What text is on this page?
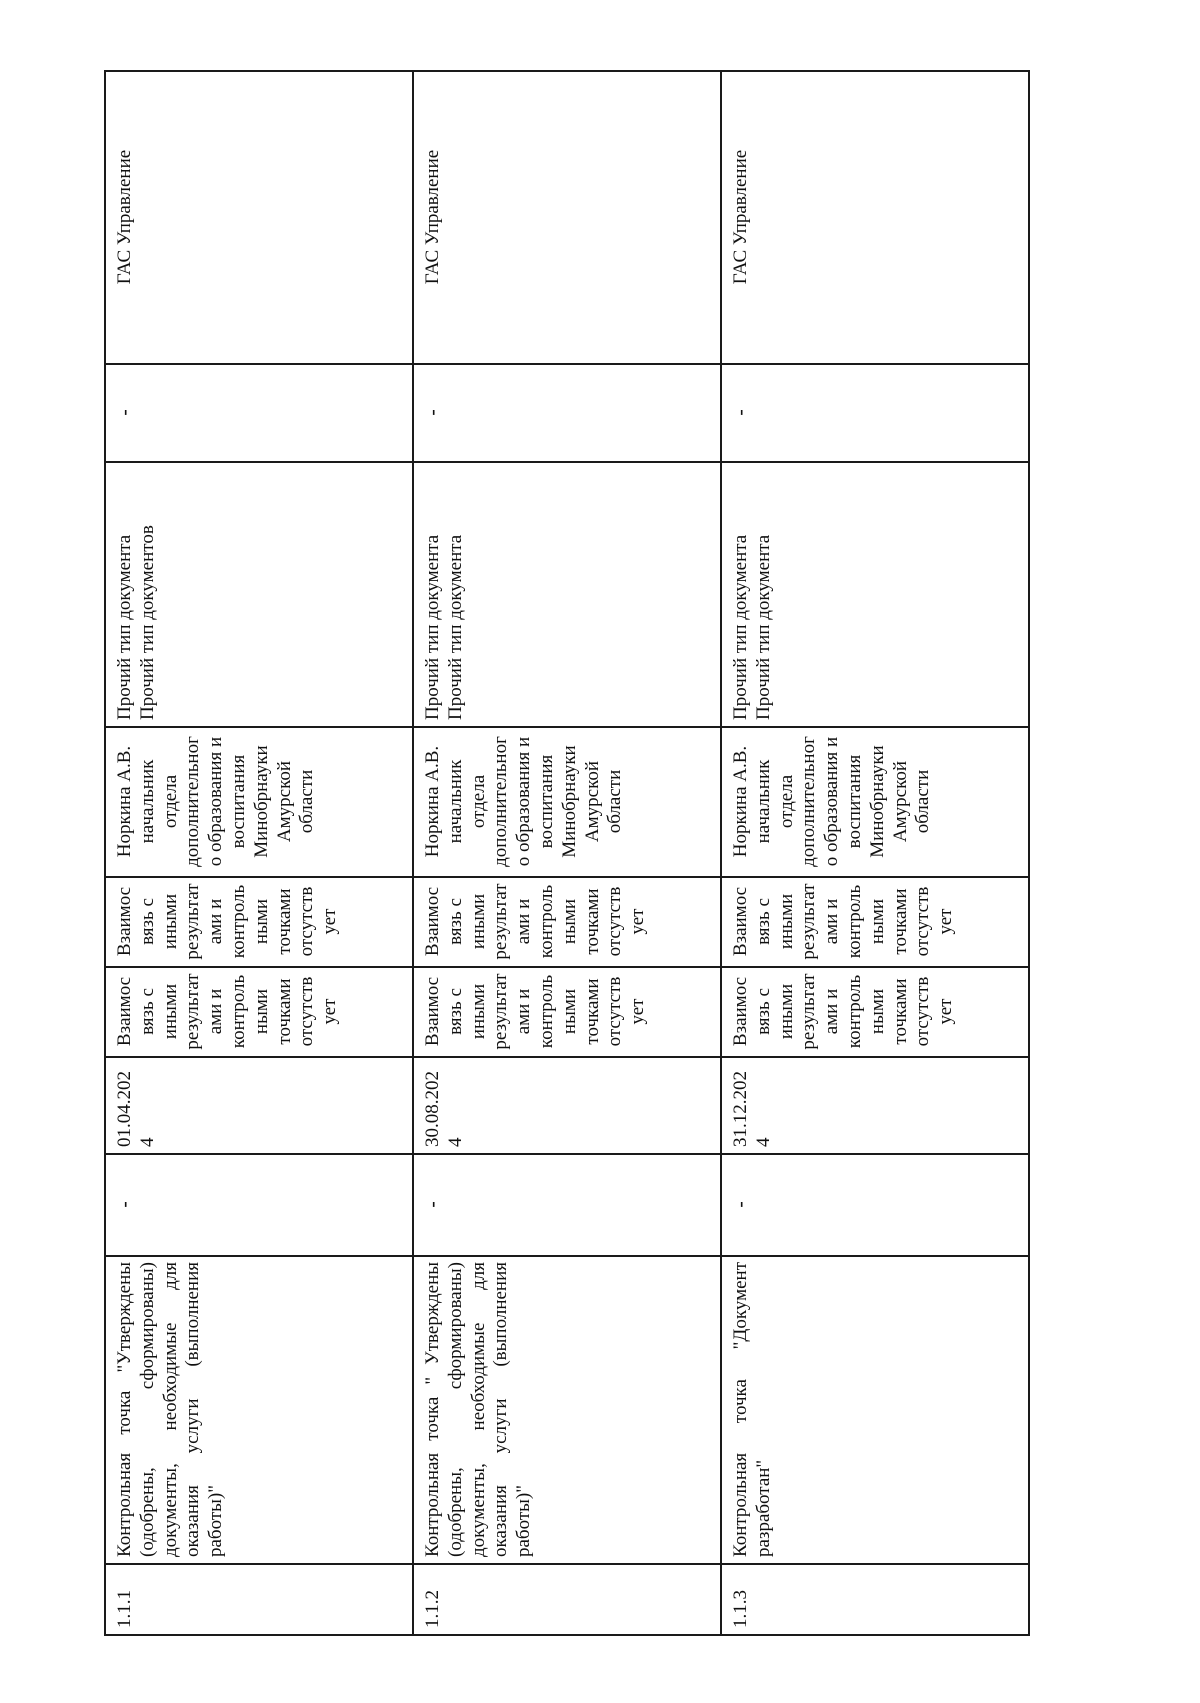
1.1.1	Контрольная точка "Утверждены (одобрены, сформированы) документы, необходимые для оказания услуги (выполнения работы)"	-	01.04.2024	Взаимосвязь с иными результатами и контрольными точками отсутствует	Взаимосвязь с иными результатами и контрольными точками отсутствует	Норкина А.В. начальник отдела дополнительного образования и воспитания Минобрнауки Амурской области	Прочий тип документа Прочий тип документов	-	ГАС Управление
1.1.2	Контрольная точка " Утверждены (одобрены, сформированы) документы, необходимые для оказания услуги (выполнения работы)"	-	30.08.2024	Взаимосвязь с иными результатами и контрольными точками отсутствует	Взаимосвязь с иными результатами и контрольными точками отсутствует	Норкина А.В. начальник отдела дополнительного образования и воспитания Минобрнауки Амурской области	Прочий тип документа Прочий тип документа	-	ГАС Управление
1.1.3	Контрольная точка "Документ разработан"	-	31.12.2024	Взаимосвязь с иными результатами и контрольными точками отсутствует	Взаимосвязь с иными результатами и контрольными точками отсутствует	Норкина А.В. начальник отдела дополнительного образования и воспитания Минобрнауки Амурской области	Прочий тип документа Прочий тип документа	-	ГАС Управление
